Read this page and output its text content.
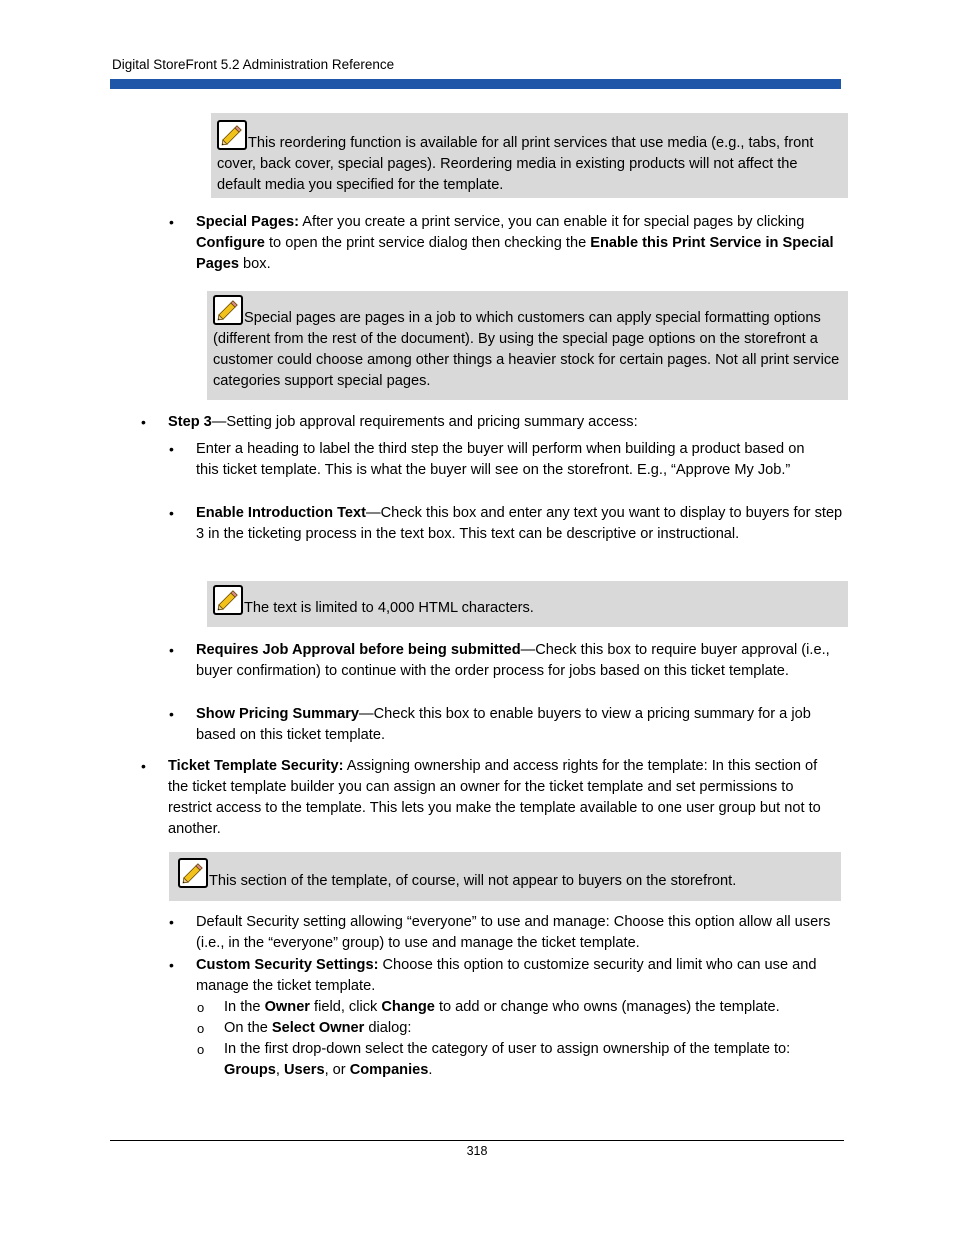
Digital StoreFront 5.2 Administration Reference
This reordering function is available for all print services that use media (e.g., tabs, front cover, back cover, special pages). Reordering media in existing products will not affect the default media you specified for the template.
• Special Pages: After you create a print service, you can enable it for special pages by clicking Configure to open the print service dialog then checking the Enable this Print Service in Special Pages box.
Special pages are pages in a job to which customers can apply special formatting options (different from the rest of the document). By using the special page options on the storefront a customer could choose among other things a heavier stock for certain pages. Not all print service categories support special pages.
• Step 3—Setting job approval requirements and pricing summary access:
• Enter a heading to label the third step the buyer will perform when building a product based on this ticket template. This is what the buyer will see on the storefront. E.g., “Approve My Job.”
• Enable Introduction Text—Check this box and enter any text you want to display to buyers for step 3 in the ticketing process in the text box. This text can be descriptive or instructional.
The text is limited to 4,000 HTML characters.
• Requires Job Approval before being submitted—Check this box to require buyer approval (i.e., buyer confirmation) to continue with the order process for jobs based on this ticket template.
• Show Pricing Summary—Check this box to enable buyers to view a pricing summary for a job based on this ticket template.
• Ticket Template Security: Assigning ownership and access rights for the template: In this section of the ticket template builder you can assign an owner for the ticket template and set permissions to restrict access to the template. This lets you make the template available to one user group but not to another.
This section of the template, of course, will not appear to buyers on the storefront.
• Default Security setting allowing “everyone” to use and manage: Choose this option allow all users (i.e., in the “everyone” group) to use and manage the ticket template.
• Custom Security Settings: Choose this option to customize security and limit who can use and manage the ticket template.
o In the Owner field, click Change to add or change who owns (manages) the template.
o On the Select Owner dialog:
o In the first drop-down select the category of user to assign ownership of the template to: Groups, Users, or Companies.
318
